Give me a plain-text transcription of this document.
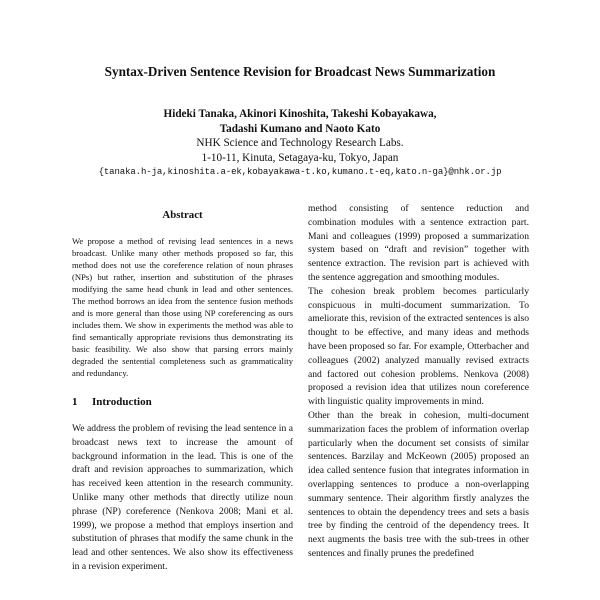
Syntax-Driven Sentence Revision for Broadcast News Summarization
Hideki Tanaka, Akinori Kinoshita, Takeshi Kobayakawa,
Tadashi Kumano and Naoto Kato
NHK Science and Technology Research Labs.
1-10-11, Kinuta, Setagaya-ku, Tokyo, Japan
{tanaka.h-ja,kinoshita.a-ek,kobayakawa-t.ko,kumano.t-eq,kato.n-ga}@nhk.or.jp
Abstract

We propose a method of revising lead sentences in a news broadcast. Unlike many other methods proposed so far, this method does not use the coreference relation of noun phrases (NPs) but rather, insertion and substitution of the phrases modifying the same head chunk in lead and other sentences. The method borrows an idea from the sentence fusion methods and is more general than those using NP coreferencing as ours includes them. We show in experiments the method was able to find semantically appropriate revisions thus demonstrating its basic feasibility. We also show that parsing errors mainly degraded the sentential completeness such as grammaticality and redundancy.

1 Introduction

We address the problem of revising the lead sentence in a broadcast news text to increase the amount of background information in the lead. This is one of the draft and revision approaches to summarization, which has received keen attention in the research community. Unlike many other methods that directly utilize noun phrase (NP) coreference (Nenkova 2008; Mani et al. 1999), we propose a method that employs insertion and substitution of phrases that modify the same chunk in the lead and other sentences. We also show its effectiveness in a revision experiment.

method consisting of sentence reduction and combination modules with a sentence extraction part. Mani and colleagues (1999) proposed a summarization system based on “draft and revision” together with sentence extraction. The revision part is achieved with the sentence aggregation and smoothing modules.

The cohesion break problem becomes particularly conspicuous in multi-document summarization. To ameliorate this, revision of the extracted sentences is also thought to be effective, and many ideas and methods have been proposed so far. For example, Otterbacher and colleagues (2002) analyzed manually revised extracts and factored out cohesion problems. Nenkova (2008) proposed a revision idea that utilizes noun coreference with linguistic quality improvements in mind.

Other than the break in cohesion, multi-document summarization faces the problem of information overlap particularly when the document set consists of similar sentences. Barzilay and McKeown (2005) proposed an idea called sentence fusion that integrates information in overlapping sentences to produce a non-overlapping summary sentence. Their algorithm firstly analyzes the sentences to obtain the dependency trees and sets a basis tree by finding the centroid of the dependency trees. It next augments the basis tree with the sub-trees in other sentences and finally prunes the predefined
